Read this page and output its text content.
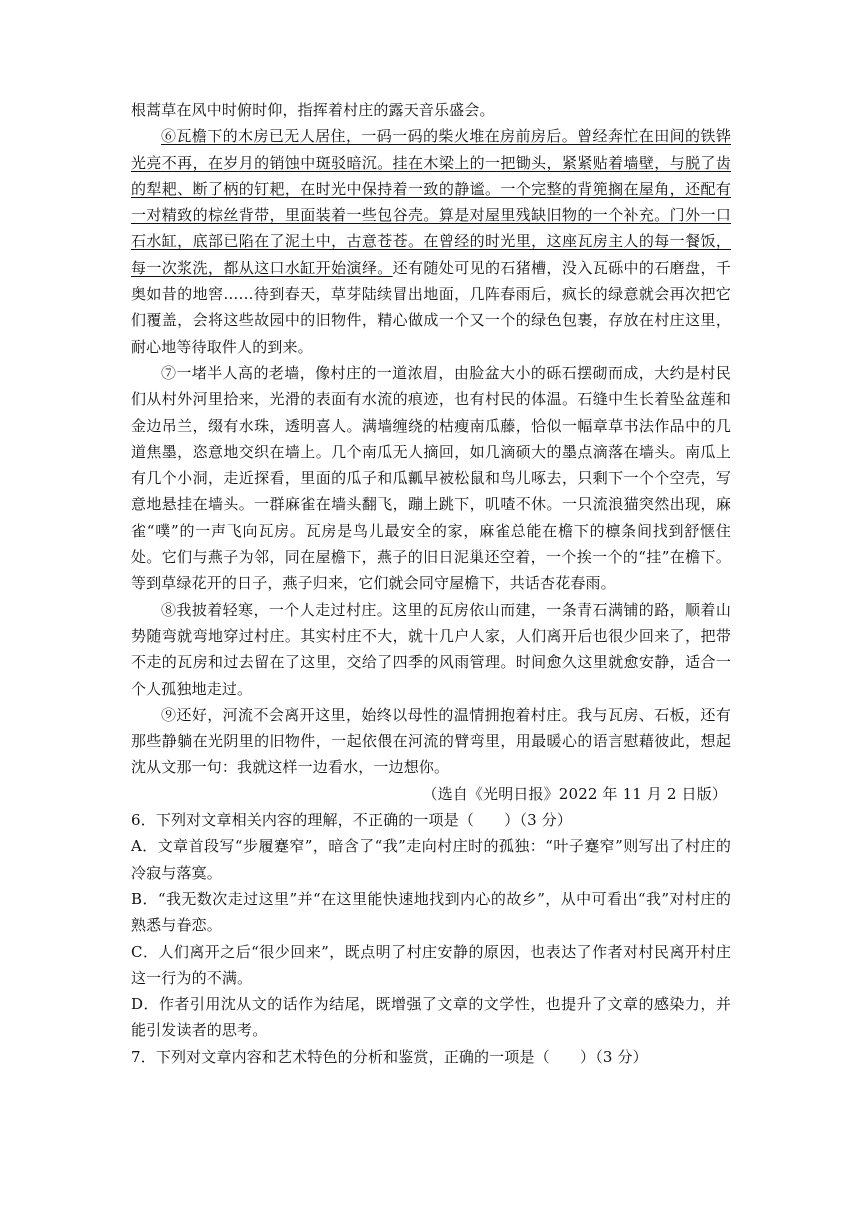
根蒿草在风中时俯时仰，指挥着村庄的露天音乐盛会。

⑥瓦檐下的木房已无人居住，一码一码的柴火堆在房前房后。曾经奔忙在田间的铁铧光亮不再，在岁月的销蚀中斑驳暗沉。挂在木梁上的一把锄头，紧紧贴着墙壁，与脱了齿的犁耙、断了柄的钉耙，在时光中保持着一致的静谧。一个完整的背篼搁在屋角，还配有一对精致的棕丝背带，里面装着一些包谷壳。算是对屋里残缺旧物的一个补充。门外一口石水缸，底部已陷在了泥土中，古意苍苍。在曾经的时光里，这座瓦房主人的每一餐饭，每一次浆洗，都从这口水缸开始演绎。还有随处可见的石猪槽，没入瓦砾中的石磨盘，千奥如昔的地窖……待到春天，草芽陆续冒出地面，几阵春雨后，疯长的绿意就会再次把它们覆盖，会将这些故园中的旧物件，精心做成一个又一个的绿色包裹，存放在村庄这里，耐心地等待取件人的到来。

⑦一堵半人高的老墙，像村庄的一道浓眉，由脸盆大小的砾石摆砌而成，大约是村民们从村外河里拾来，光滑的表面有水流的痕迹，也有村民的体温。石缝中生长着坠盆莲和金边吊兰，缀有水珠，透明喜人。满墙缠绕的枯瘦南瓜藤，恰似一幅章草书法作品中的几道焦墨，恣意地交织在墙上。几个南瓜无人摘回，如几滴硕大的墨点滴落在墙头。南瓜上有几个小洞，走近探看，里面的瓜子和瓜瓤早被松鼠和鸟儿啄去，只剩下一个个空壳，写意地悬挂在墙头。一群麻雀在墙头翻飞，蹦上跳下，叽喳不休。一只流浪猫突然出现，麻雀“噗”的一声飞向瓦房。瓦房是鸟儿最安全的家，麻雀总能在檐下的檩条间找到舒惬住处。它们与燕子为邻，同在屋檐下，燕子的旧日泥巢还空着，一个挨一个的“挂”在檐下。等到草绿花开的日子，燕子归来，它们就会同守屋檐下，共话杏花春雨。

⑧我披着轻寒，一个人走过村庄。这里的瓦房依山而建，一条青石满铺的路，顺着山势随弯就弯地穿过村庄。其实村庄不大，就十几户人家，人们离开后也很少回来了，把带不走的瓦房和过去留在了这里，交给了四季的风雨管理。时间愈久这里就愈安静，适合一个人孤独地走过。

⑨还好，河流不会离开这里，始终以母性的温情拥抱着村庄。我与瓦房、石板，还有那些静躺在光阴里的旧物件，一起依偎在河流的臂弯里，用最暖心的语言慰藉彼此，想起沈从文那一句：我就这样一边看水，一边想你。

（选自《光明日报》2022 年 11 月 2 日版）

6．下列对文章相关内容的理解，不正确的一项是（　　）（3 分）

A．文章首段写“步履蹇窄”，暗含了“我”走向村庄时的孤独：“叶子蹇窄”则写出了村庄的冷寂与落寞。

B．“我无数次走过这里”并“在这里能快速地找到内心的故乡”，从中可看出“我”对村庄的熟悉与眷恋。

C．人们离开之后“很少回来”，既点明了村庄安静的原因，也表达了作者对村民离开村庄这一行为的不满。

D．作者引用沈从文的话作为结尾，既增强了文章的文学性，也提升了文章的感染力，并能引发读者的思考。

7．下列对文章内容和艺术特色的分析和鉴赏，正确的一项是（　　）（3 分）
